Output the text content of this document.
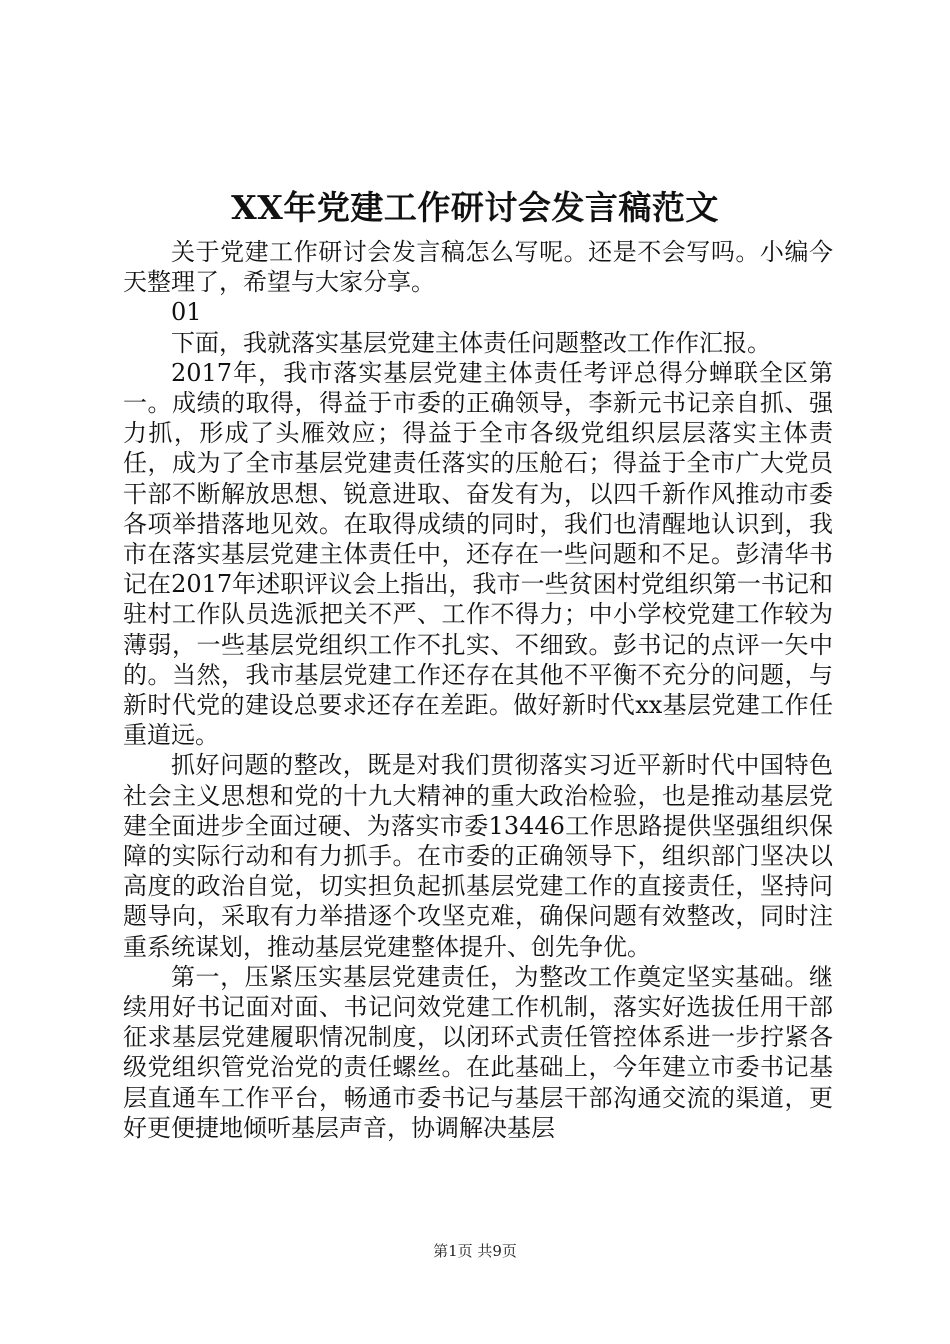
XX年党建工作研讨会发言稿范文

关于党建工作研讨会发言稿怎么写呢。还是不会写吗。小编今天整理了，希望与大家分享。

01

下面，我就落实基层党建主体责任问题整改工作作汇报。

2017年，我市落实基层党建主体责任考评总得分蝉联全区第一。成绩的取得，得益于市委的正确领导，李新元书记亲自抓、强力抓，形成了头雁效应；得益于全市各级党组织层层落实主体责任，成为了全市基层党建责任落实的压舱石；得益于全市广大党员干部不断解放思想、锐意进取、奋发有为，以四千新作风推动市委各项举措落地见效。在取得成绩的同时，我们也清醒地认识到，我市在落实基层党建主体责任中，还存在一些问题和不足。彭清华书记在2017年述职评议会上指出，我市一些贫困村党组织第一书记和驻村工作队员选派把关不严、工作不得力；中小学校党建工作较为薄弱，一些基层党组织工作不扎实、不细致。彭书记的点评一矢中的。当然，我市基层党建工作还存在其他不平衡不充分的问题，与新时代党的建设总要求还存在差距。做好新时代xx基层党建工作任重道远。

抓好问题的整改，既是对我们贯彻落实习近平新时代中国特色社会主义思想和党的十九大精神的重大政治检验，也是推动基层党建全面进步全面过硬、为落实市委13446工作思路提供坚强组织保障的实际行动和有力抓手。在市委的正确领导下，组织部门坚决以高度的政治自觉，切实担负起抓基层党建工作的直接责任，坚持问题导向，采取有力举措逐个攻坚克难，确保问题有效整改，同时注重系统谋划，推动基层党建整体提升、创先争优。

第一，压紧压实基层党建责任，为整改工作奠定坚实基础。继续用好书记面对面、书记问效党建工作机制，落实好选拔任用干部征求基层党建履职情况制度，以闭环式责任管控体系进一步拧紧各级党组织管党治党的责任螺丝。在此基础上，今年建立市委书记基层直通车工作平台，畅通市委书记与基层干部沟通交流的渠道，更好更便捷地倾听基层声音，协调解决基层

第1页 共9页
